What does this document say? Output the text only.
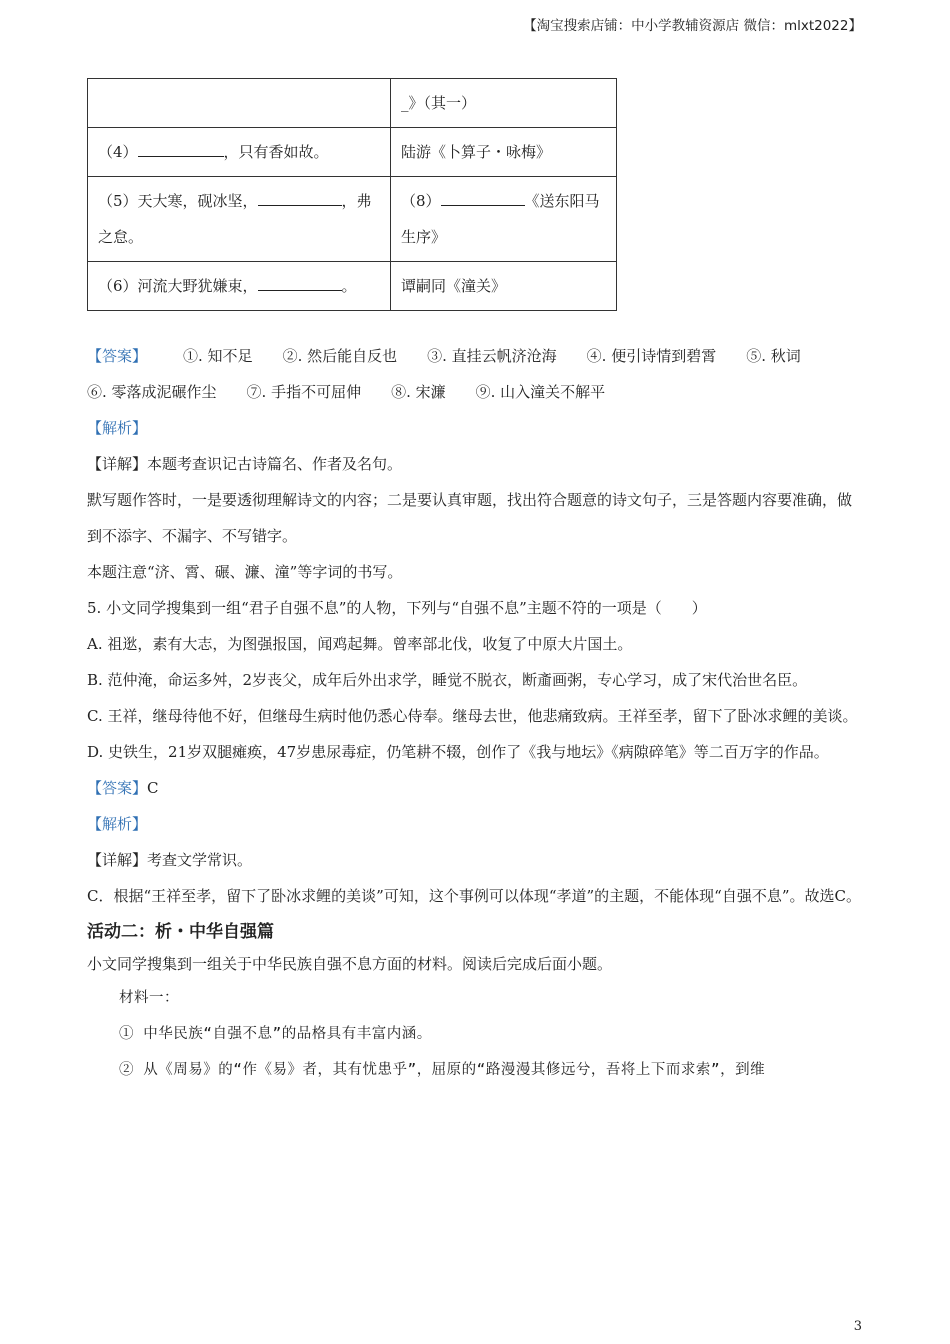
【淘宝搜索店铺：中小学教辅资源店 微信：mlxt2022】
	_》（其一）
（4） ，只有香如故。	陆游《卜算子・咏梅》
（5）天大寒，砚冰坚， ，弗之怠。	（8） 《送东阳马生序》
（6）河流大野犹嫌束， 。	谭嗣同《潼关》
【答案】 ①. 知不足 ②. 然后能自反也 ③. 直挂云帆济沧海 ④. 便引诗情到碧霄 ⑤. 秋词⑥. 零落成泥碾作尘 ⑦. 手指不可屈伸 ⑧. 宋濂 ⑨. 山入潼关不解平
【解析】
【详解】本题考查识记古诗篇名、作者及名句。
默写题作答时，一是要透彻理解诗文的内容；二是要认真审题，找出符合题意的诗文句子，三是答题内容要准确，做到不添字、不漏字、不写错字。
本题注意“济、霄、碾、濂、潼”等字词的书写。
5. 小文同学搜集到一组“君子自强不息”的人物，下列与“自强不息”主题不符的一项是（　　）
A. 祖逖，素有大志，为图强报国，闻鸡起舞。曾率部北伐，收复了中原大片国土。
B. 范仲淹，命运多舛，2岁丧父，成年后外出求学，睡觉不脱衣，断齑画粥，专心学习，成了宋代治世名臣。
C. 王祥，继母待他不好，但继母生病时他仍悉心侍奉。继母去世，他悲痛致病。王祥至孝，留下了卧冰求鲤的美谈。
D. 史铁生，21岁双腿瘫痪，47岁患尿毒症，仍笔耕不辍，创作了《我与地坛》《病隙碎笔》等二百万字的作品。
【答案】C
【解析】
【详解】考查文学常识。
C．根据“王祥至孝，留下了卧冰求鲤的美谈”可知，这个事例可以体现“孝道”的主题，不能体现“自强不息”。故选C。
活动二：析・中华自强篇
小文同学搜集到一组关于中华民族自强不息方面的材料。阅读后完成后面小题。
材料一：
① 中华民族“自强不息”的品格具有丰富内涵。
② 从《周易》的“作《易》者，其有忧患乎”，屈原的“路漫漫其修远兮，吾将上下而求索”，到维
3
